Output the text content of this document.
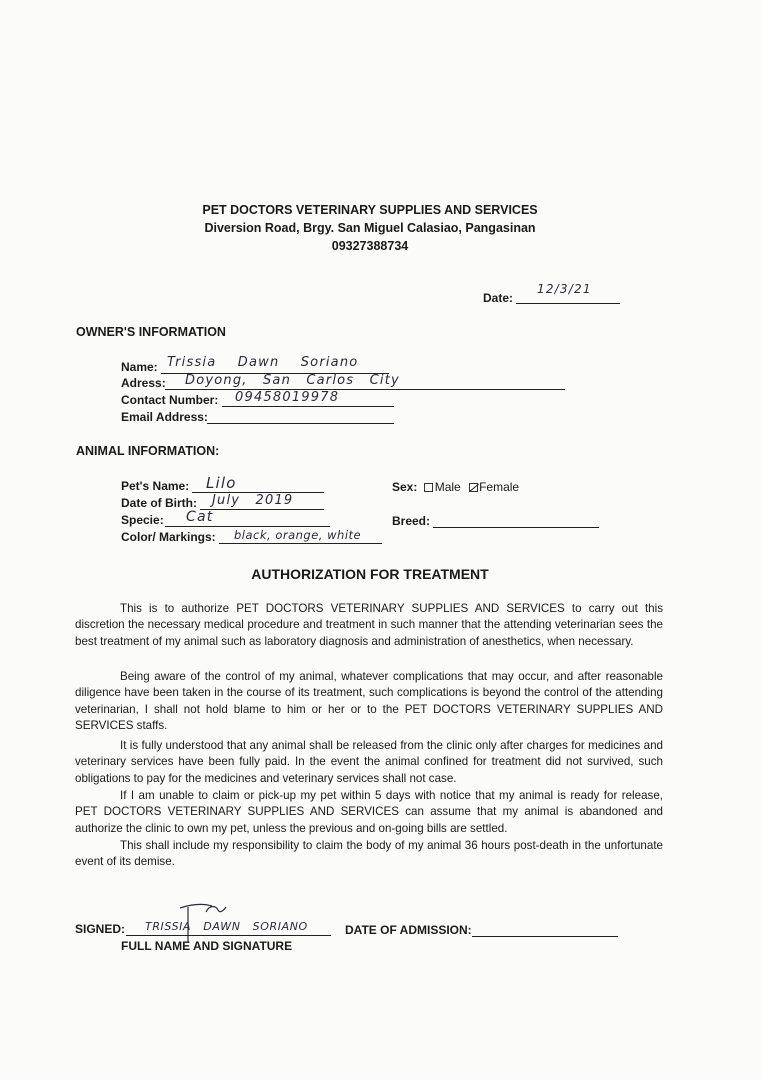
PET DOCTORS VETERINARY SUPPLIES AND SERVICES
Diversion Road, Brgy. San Miguel Calasiao, Pangasinan
09327388734
Date:
12/3/21
OWNER'S INFORMATION
Name: Trissia Dawn Soriano
Adress: Doyong, San Carlos City
Contact Number: 09458019978
Email Address:
ANIMAL INFORMATION:
Pet's Name: Lilo
Date of Birth: July 2019
Specie: Cat
Color/ Markings: black, orange, white
Sex: Male Female
Breed:
AUTHORIZATION FOR TREATMENT

This is to authorize PET DOCTORS VETERINARY SUPPLIES AND SERVICES to carry out this discretion the necessary medical procedure and treatment in such manner that the attending veterinarian sees the best treatment of my animal such as laboratory diagnosis and administration of anesthetics, when necessary.

Being aware of the control of my animal, whatever complications that may occur, and after reasonable diligence have been taken in the course of its treatment, such complications is beyond the control of the attending veterinarian, I shall not hold blame to him or her or to the PET DOCTORS VETERINARY SUPPLIES AND SERVICES staffs.

It is fully understood that any animal shall be released from the clinic only after charges for medicines and veterinary services have been fully paid. In the event the animal confined for treatment did not survived, such obligations to pay for the medicines and veterinary services shall not case.

If I am unable to claim or pick-up my pet within 5 days with notice that my animal is ready for release, PET DOCTORS VETERINARY SUPPLIES AND SERVICES can assume that my animal is abandoned and authorize the clinic to own my pet, unless the previous and on-going bills are settled.

This shall include my responsibility to claim the body of my animal 36 hours post-death in the unfortunate event of its demise.

SIGNED: TRISSIA DAWN SORIANO
FULL NAME AND SIGNATURE
DATE OF ADMISSION:
